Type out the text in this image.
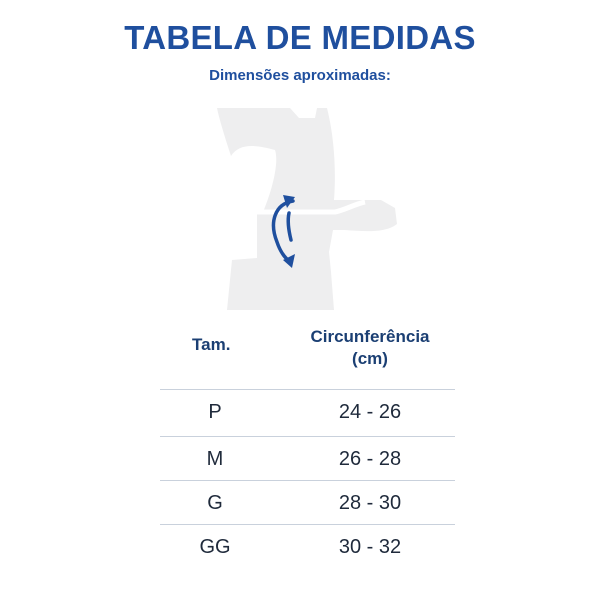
TABELA DE MEDIDAS
Dimensões aproximadas:
Tam.	Circunferência
(cm)
P	24 - 26
M	26 - 28
G	28 - 30
GG	30 - 32
